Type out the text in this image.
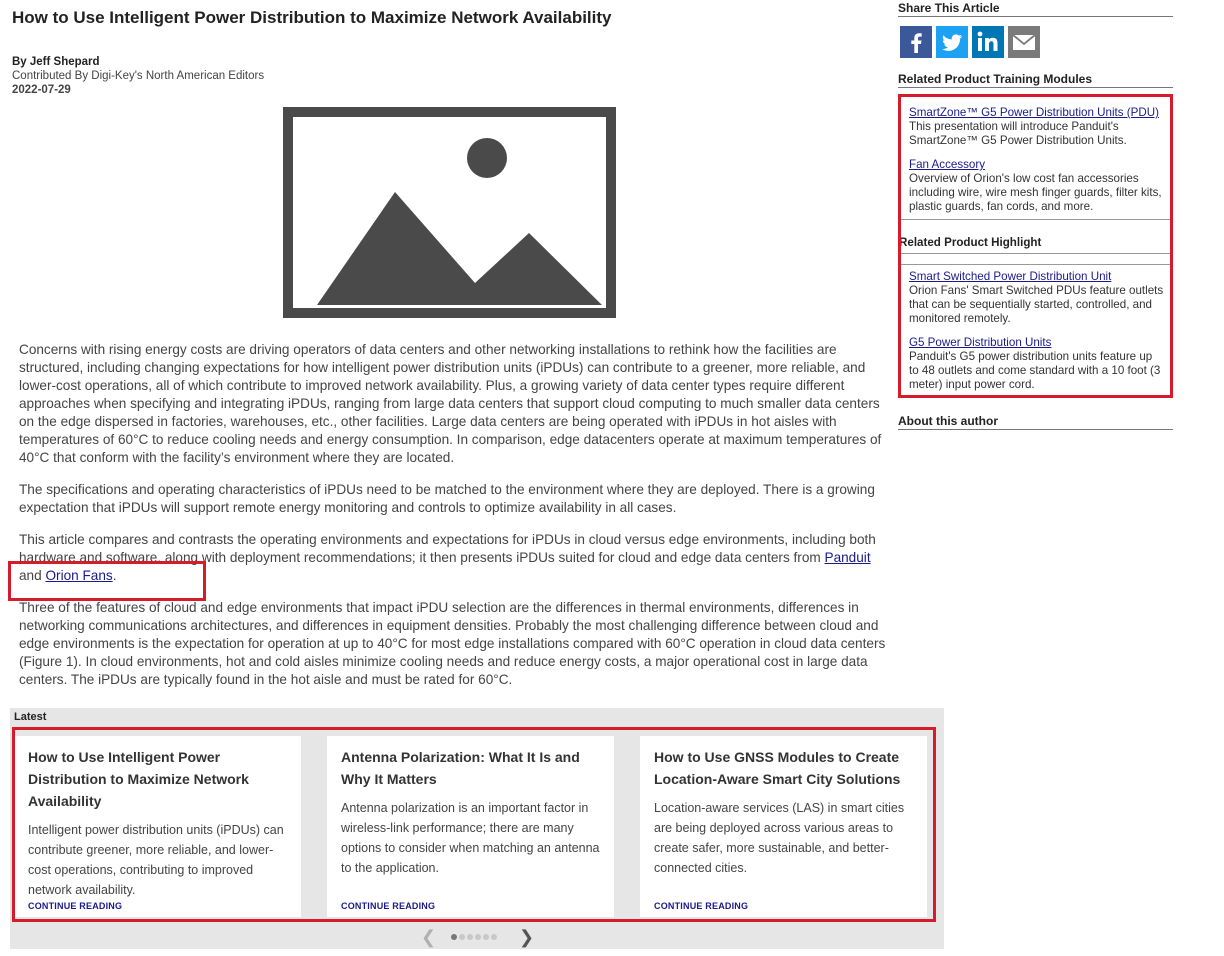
How to Use Intelligent Power Distribution to Maximize Network Availability
By Jeff Shepard
Contributed By Digi-Key's North American Editors
2022-07-29
Concerns with rising energy costs are driving operators of data centers and other networking installations to rethink how the facilities are structured, including changing expectations for how intelligent power distribution units (iPDUs) can contribute to a greener, more reliable, and lower-cost operations, all of which contribute to improved network availability. Plus, a growing variety of data center types require different approaches when specifying and integrating iPDUs, ranging from large data centers that support cloud computing to much smaller data centers on the edge dispersed in factories, warehouses, etc., other facilities. Large data centers are being operated with iPDUs in hot aisles with temperatures of 60°C to reduce cooling needs and energy consumption. In comparison, edge datacenters operate at maximum temperatures of 40°C that conform with the facility’s environment where they are located.
The specifications and operating characteristics of iPDUs need to be matched to the environment where they are deployed. There is a growing expectation that iPDUs will support remote energy monitoring and controls to optimize availability in all cases.
This article compares and contrasts the operating environments and expectations for iPDUs in cloud versus edge environments, including both hardware and software, along with deployment recommendations; it then presents iPDUs suited for cloud and edge data centers from Panduit and Orion Fans.
Three of the features of cloud and edge environments that impact iPDU selection are the differences in thermal environments, differences in networking communications architectures, and differences in equipment densities. Probably the most challenging difference between cloud and edge environments is the expectation for operation at up to 40°C for most edge installations compared with 60°C operation in cloud data centers (Figure 1). In cloud environments, hot and cold aisles minimize cooling needs and reduce energy costs, a major operational cost in large data centers. The iPDUs are typically found in the hot aisle and must be rated for 60°C.
Share This Article
Related Product Training Modules
SmartZone™ G5 Power Distribution Units (PDU)
This presentation will introduce Panduit's SmartZone™ G5 Power Distribution Units.
Fan Accessory
Overview of Orion's low cost fan accessories including wire, wire mesh finger guards, filter kits, plastic guards, fan cords, and more.
Related Product Highlight
Smart Switched Power Distribution Unit
Orion Fans' Smart Switched PDUs feature outlets that can be sequentially started, controlled, and monitored remotely.
G5 Power Distribution Units
Panduit's G5 power distribution units feature up to 48 outlets and come standard with a 10 foot (3 meter) input power cord.
About this author
Latest
How to Use Intelligent Power Distribution to Maximize Network Availability
Intelligent power distribution units (iPDUs) can contribute greener, more reliable, and lower-cost operations, contributing to improved network availability.
CONTINUE READING
Antenna Polarization: What It Is and Why It Matters
Antenna polarization is an important factor in wireless-link performance; there are many options to consider when matching an antenna to the application.
CONTINUE READING
How to Use GNSS Modules to Create Location-Aware Smart City Solutions
Location-aware services (LAS) in smart cities are being deployed across various areas to create safer, more sustainable, and better-connected cities.
CONTINUE READING
❮	❯
